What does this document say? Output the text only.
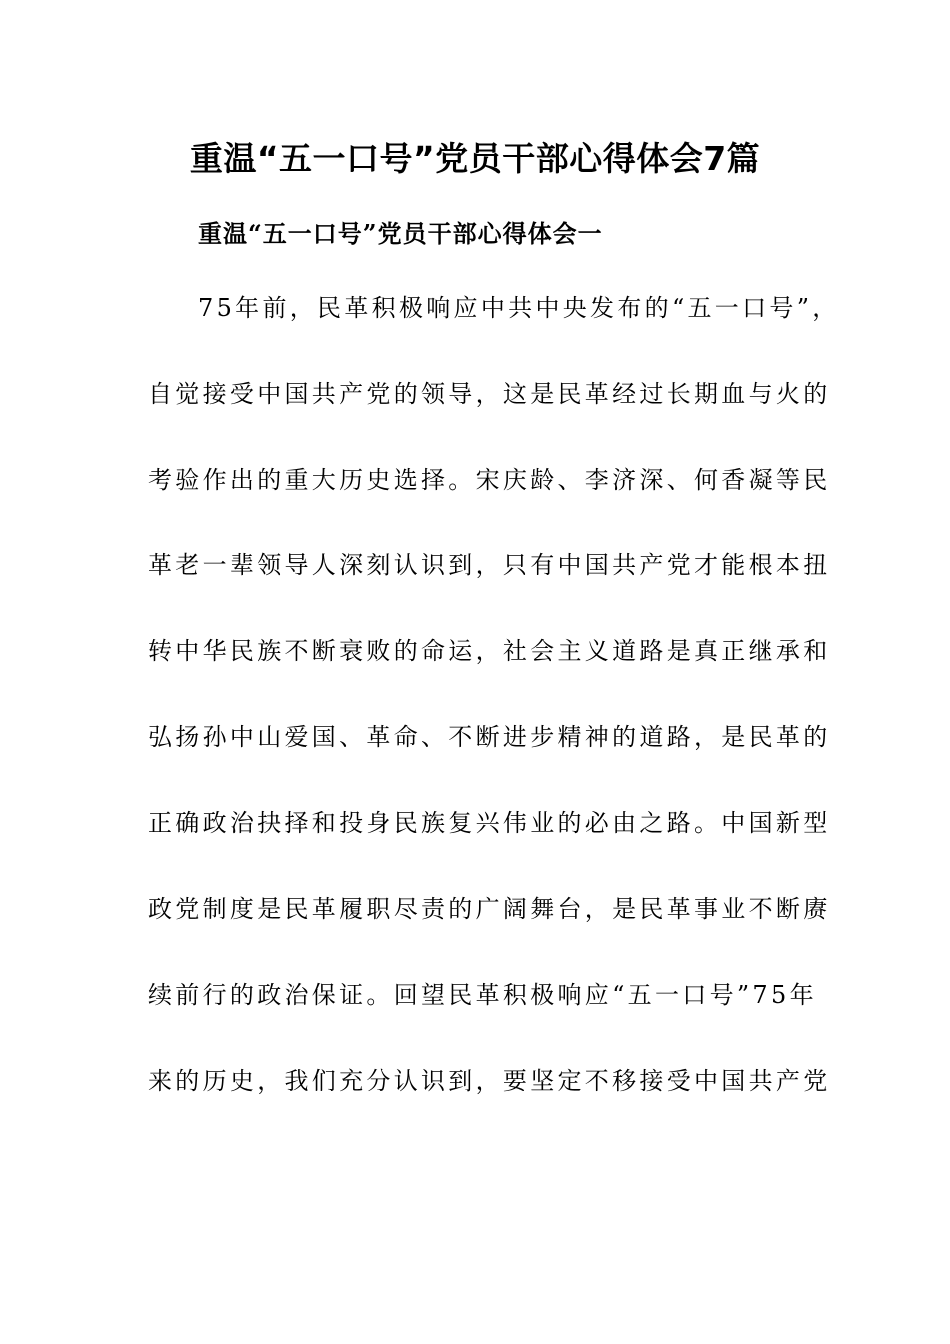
重温“五一口号”党员干部心得体会7篇
重温“五一口号”党员干部心得体会一
75年前，民革积极响应中共中央发布的“五一口号”，
自觉接受中国共产党的领导，这是民革经过长期血与火的
考验作出的重大历史选择。宋庆龄、李济深、何香凝等民
革老一辈领导人深刻认识到，只有中国共产党才能根本扭
转中华民族不断衰败的命运，社会主义道路是真正继承和
弘扬孙中山爱国、革命、不断进步精神的道路，是民革的
正确政治抉择和投身民族复兴伟业的必由之路。中国新型
政党制度是民革履职尽责的广阔舞台，是民革事业不断赓
续前行的政治保证。回望民革积极响应“五一口号”75年
来的历史，我们充分认识到，要坚定不移接受中国共产党
